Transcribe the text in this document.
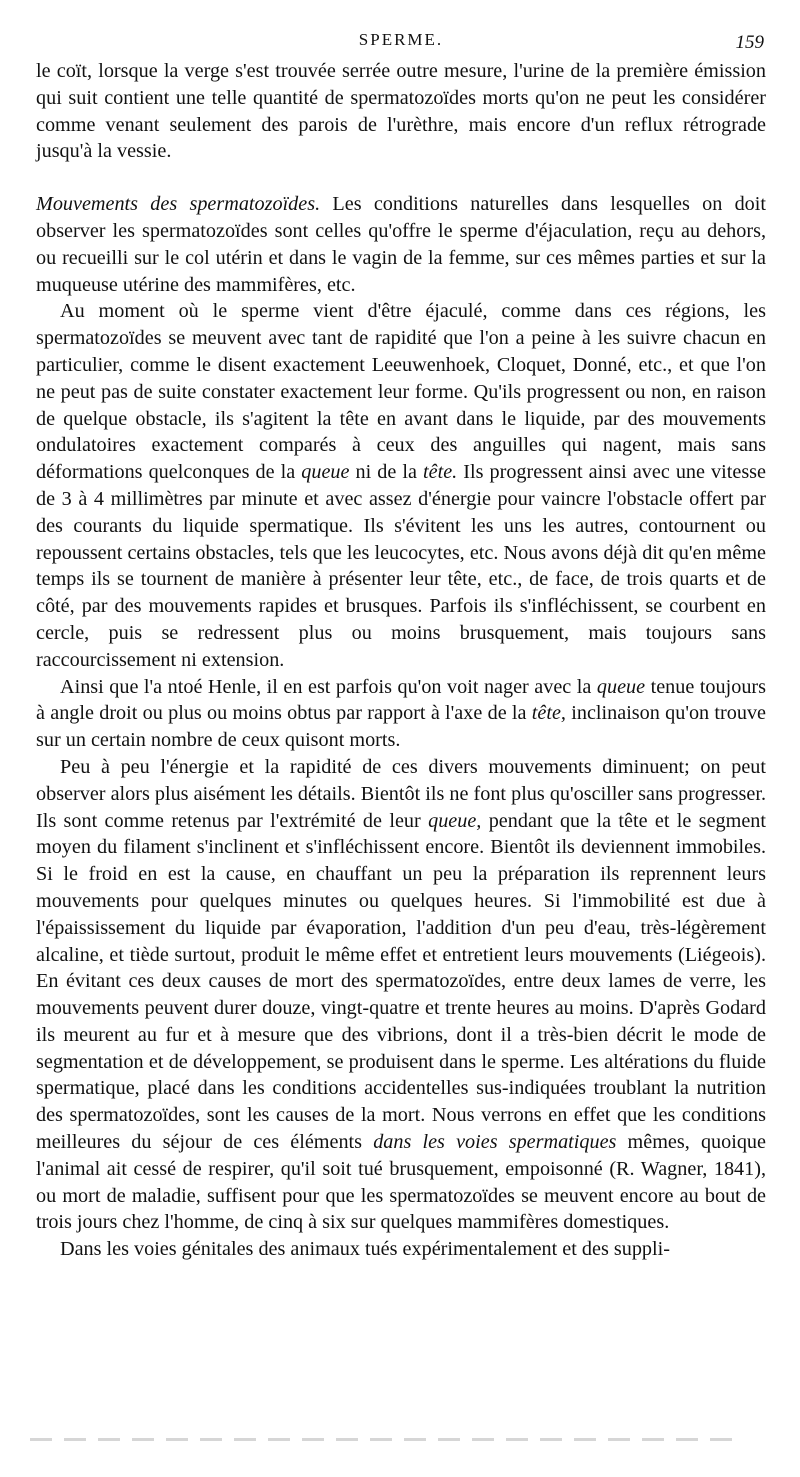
SPERME.	159

le coït, lorsque la verge s'est trouvée serrée outre mesure, l'urine de la première émission qui suit contient une telle quantité de spermatozoïdes morts qu'on ne peut les considérer comme venant seulement des parois de l'urèthre, mais encore d'un reflux rétrograde jusqu'à la vessie.

Mouvements des spermatozoïdes. Les conditions naturelles dans lesquelles on doit observer les spermatozoïdes sont celles qu'offre le sperme d'éjaculation, reçu au dehors, ou recueilli sur le col utérin et dans le vagin de la femme, sur ces mêmes parties et sur la muqueuse utérine des mammifères, etc.

Au moment où le sperme vient d'être éjaculé, comme dans ces régions, les spermatozoïdes se meuvent avec tant de rapidité que l'on a peine à les suivre chacun en particulier, comme le disent exactement Leeuwenhoek, Cloquet, Donné, etc., et que l'on ne peut pas de suite constater exactement leur forme. Qu'ils progressent ou non, en raison de quelque obstacle, ils s'agitent la tête en avant dans le liquide, par des mouvements ondulatoires exactement comparés à ceux des anguilles qui nagent, mais sans déformations quelconques de la queue ni de la tête. Ils progressent ainsi avec une vitesse de 3 à 4 millimètres par minute et avec assez d'énergie pour vaincre l'obstacle offert par des courants du liquide spermatique. Ils s'évitent les uns les autres, contournent ou repoussent certains obstacles, tels que les leucocytes, etc. Nous avons déjà dit qu'en même temps ils se tournent de manière à présenter leur tête, etc., de face, de trois quarts et de côté, par des mouvements rapides et brusques. Parfois ils s'infléchissent, se courbent en cercle, puis se redressent plus ou moins brusquement, mais toujours sans raccourcissement ni extension.

Ainsi que l'a ntoé Henle, il en est parfois qu'on voit nager avec la queue tenue toujours à angle droit ou plus ou moins obtus par rapport à l'axe de la tête, inclinaison qu'on trouve sur un certain nombre de ceux quisont morts.

Peu à peu l'énergie et la rapidité de ces divers mouvements diminuent; on peut observer alors plus aisément les détails. Bientôt ils ne font plus qu'osciller sans progresser. Ils sont comme retenus par l'extrémité de leur queue, pendant que la tête et le segment moyen du filament s'inclinent et s'infléchissent encore. Bientôt ils deviennent immobiles. Si le froid en est la cause, en chauffant un peu la préparation ils reprennent leurs mouvements pour quelques minutes ou quelques heures. Si l'immobilité est due à l'épaississement du liquide par évaporation, l'addition d'un peu d'eau, très-légèrement alcaline, et tiède surtout, produit le même effet et entretient leurs mouvements (Liégeois). En évitant ces deux causes de mort des spermatozoïdes, entre deux lames de verre, les mouvements peuvent durer douze, vingt-quatre et trente heures au moins. D'après Godard ils meurent au fur et à mesure que des vibrions, dont il a très-bien décrit le mode de segmentation et de développement, se produisent dans le sperme. Les altérations du fluide spermatique, placé dans les conditions accidentelles sus-indiquées troublant la nutrition des spermatozoïdes, sont les causes de la mort. Nous verrons en effet que les conditions meilleures du séjour de ces éléments dans les voies spermatiques mêmes, quoique l'animal ait cessé de respirer, qu'il soit tué brusquement, empoisonné (R. Wagner, 1841), ou mort de maladie, suffisent pour que les spermatozoïdes se meuvent encore au bout de trois jours chez l'homme, de cinq à six sur quelques mammifères domestiques.

Dans les voies génitales des animaux tués expérimentalement et des suppli-
